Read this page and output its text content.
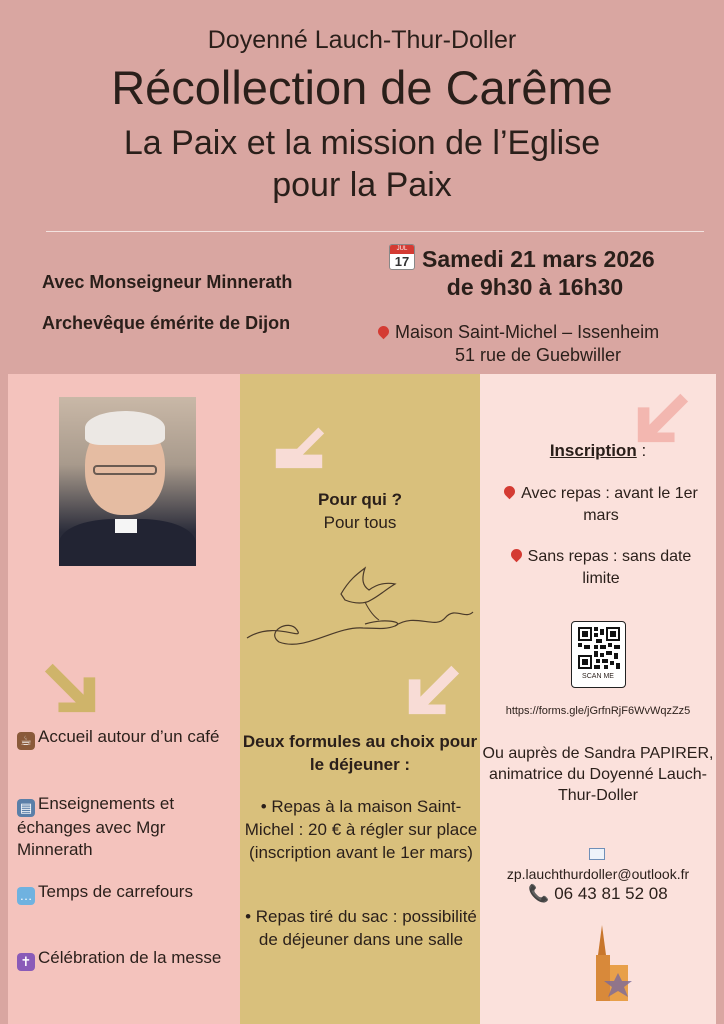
Doyenné Lauch-Thur-Doller
Récollection de Carême
La Paix et la mission de l’Eglise
pour la Paix
Avec Monseigneur Minnerath
Archevêque émérite de Dijon
JUL
17 Samedi 21 mars 2026
de 9h30 à 16h30
Maison Saint-Michel – Issenheim
51 rue de Guebwiller
☕ Accueil autour d’un café
▤ Enseignements et échanges avec Mgr Minnerath
… Temps de carrefours
✝ Célébration de la messe
Pour qui ?
Pour tous
Deux formules au choix pour le déjeuner :
• Repas à la maison Saint-Michel : 20 € à régler sur place (inscription avant le 1er mars)
• Repas tiré du sac : possibilité de déjeuner dans une salle
Inscription :
Avec repas : avant le 1er mars
Sans repas : sans date limite
SCAN ME
https://forms.gle/jGrfnRjF6WvWqzZz5
Ou auprès de Sandra PAPIRER, animatrice du Doyenné Lauch-Thur-Doller
zp.lauchthurdoller@outlook.fr
📞 06 43 81 52 08
